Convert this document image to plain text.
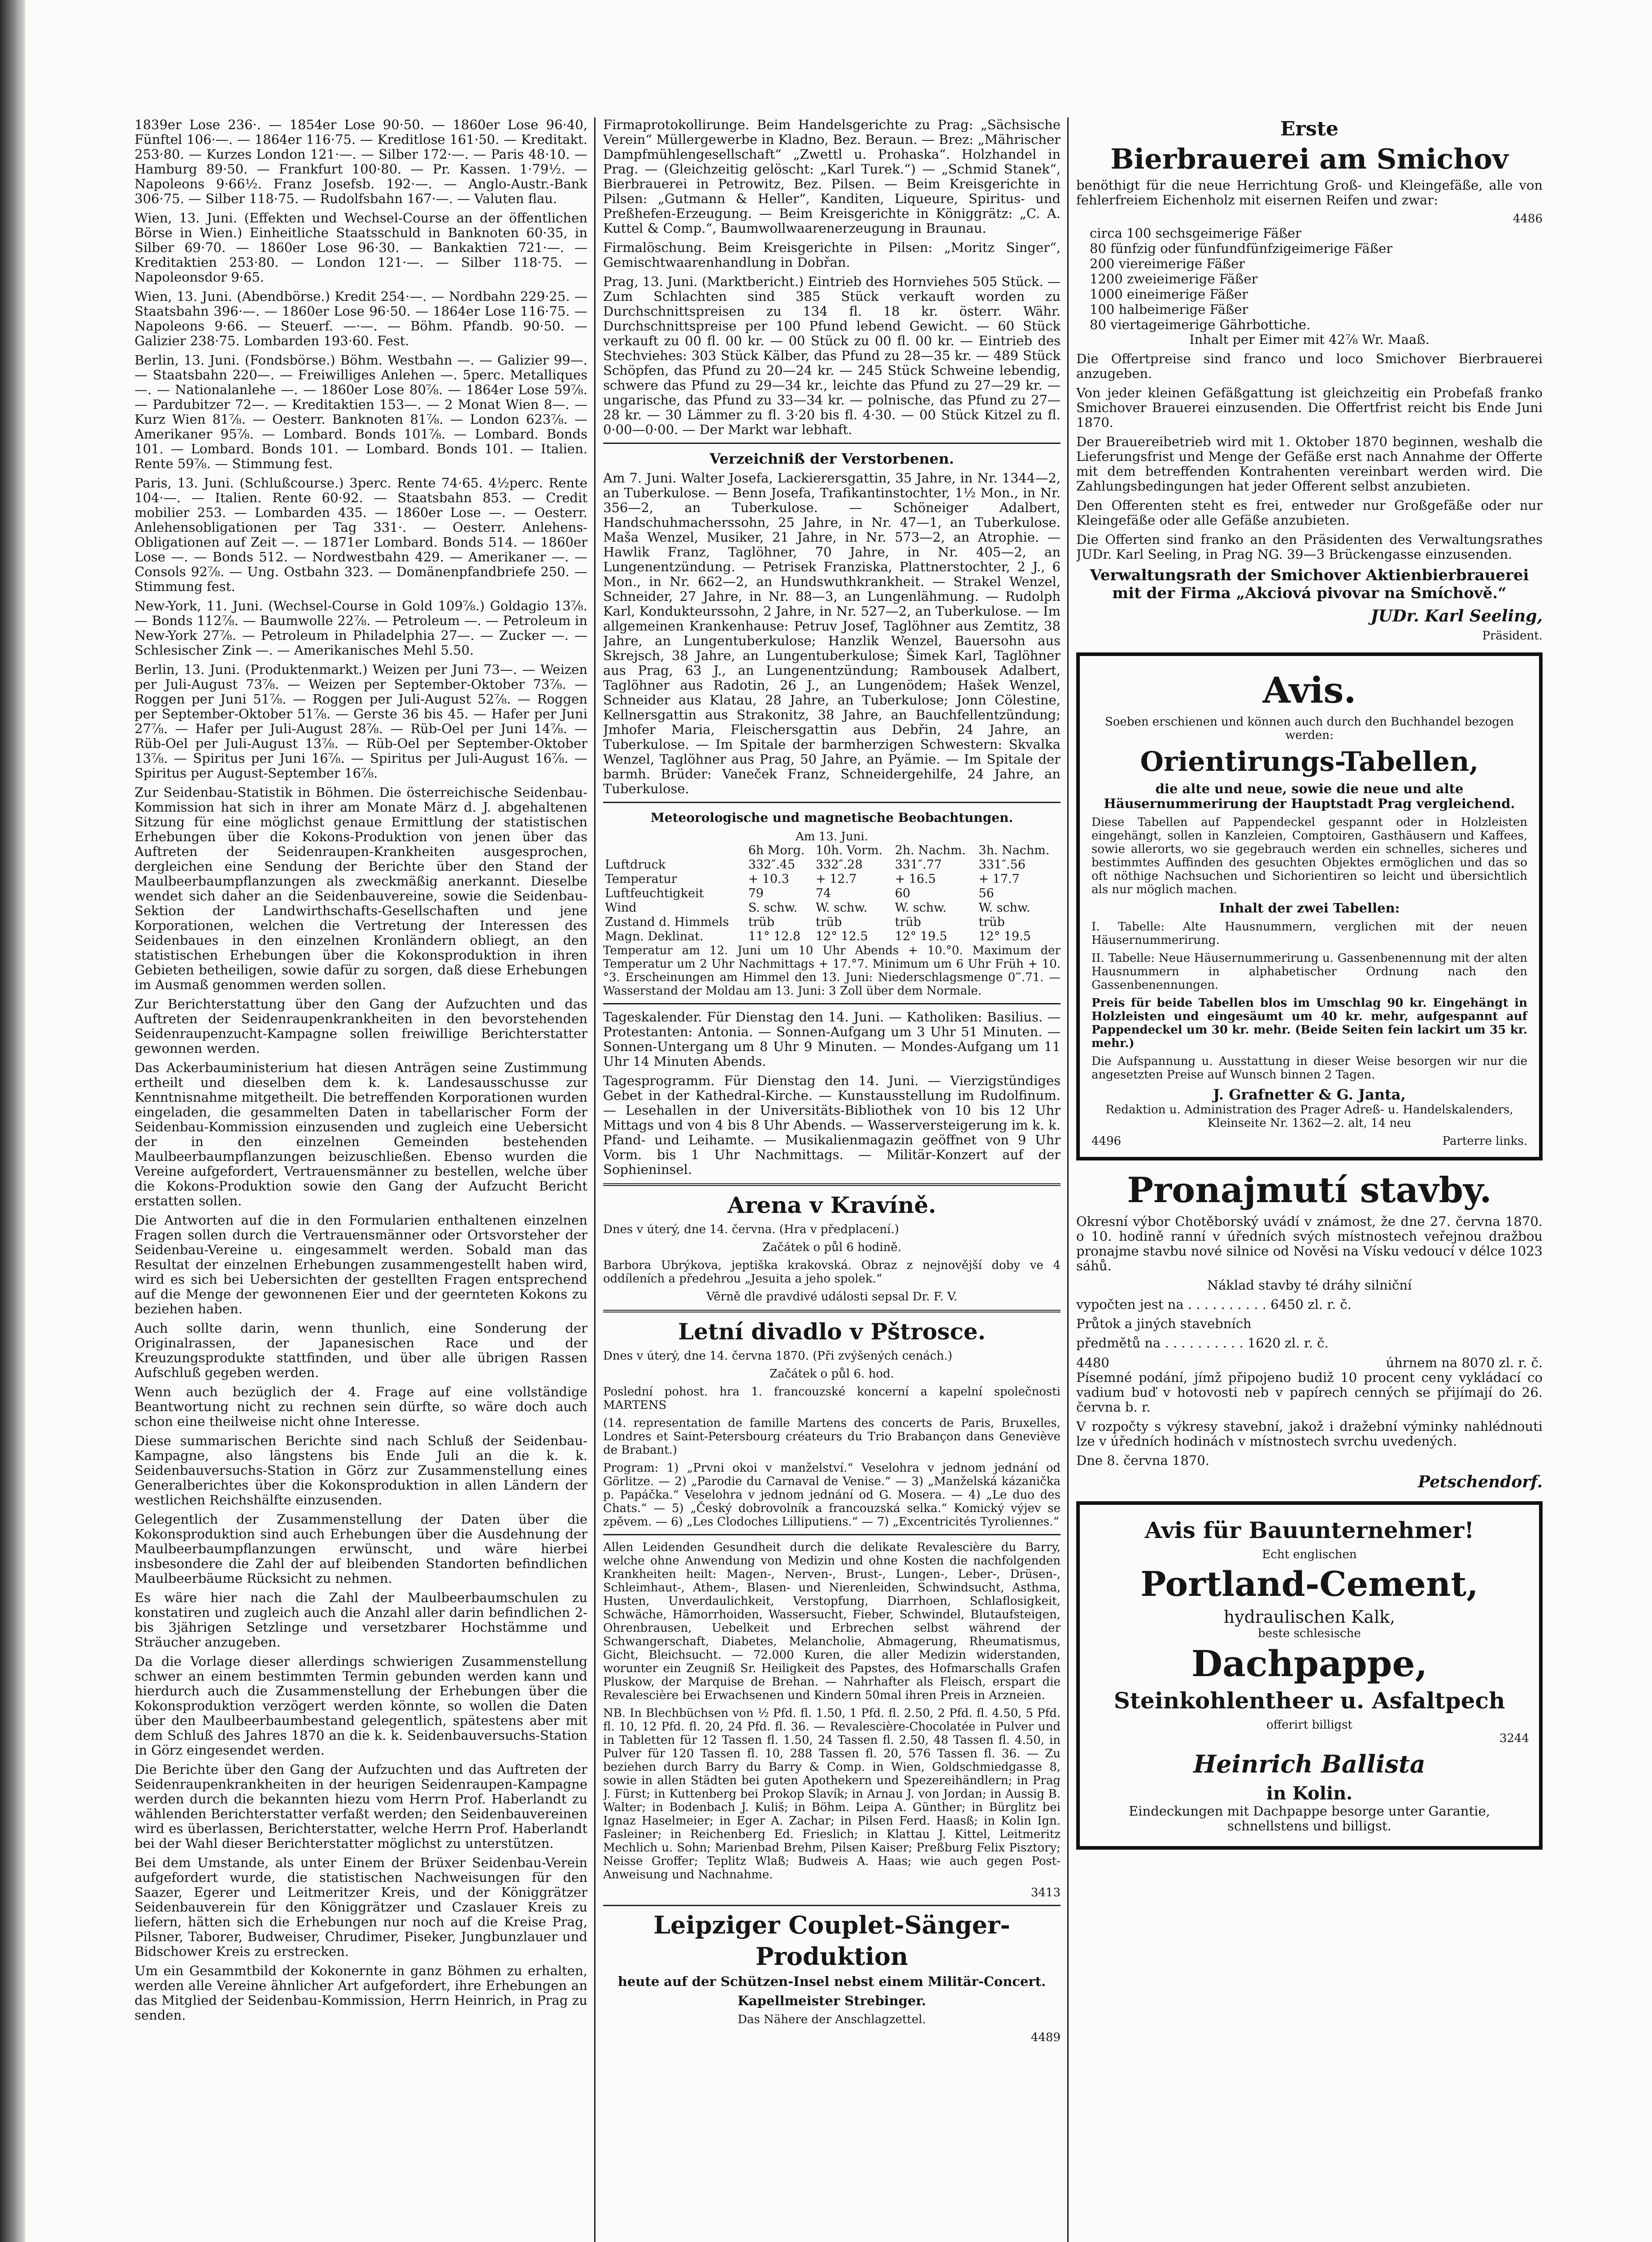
1839er Lose 236·. — 1854er Lose 90·50. — 1860er Lose 96·40, Fünftel 106·—. — 1864er 116·75. — Kreditlose 161·50. — Kreditakt. 253·80. — Kurzes London 121·—. — Silber 172·—. — Paris 48·10. — Hamburg 89·50. — Frankfurt 100·80. — Pr. Kassen. 1·79½. — Napoleons 9·66½. Franz Josefsb. 192·—. — Anglo-Austr.-Bank 306·75. — Silber 118·75. — Rudolfsbahn 167·—. — Valuten flau.

Wien, 13. Juni. (Effekten und Wechsel-Course an der öffentlichen Börse in Wien.) Einheitliche Staatsschuld in Banknoten 60·35, in Silber 69·70. — 1860er Lose 96·30. — Bankaktien 721·—. — Kreditaktien 253·80. — London 121·—. — Silber 118·75. — Napoleonsdor 9·65.

Wien, 13. Juni. (Abendbörse.) Kredit 254·—. — Nordbahn 229·25. — Staatsbahn 396·—. — 1860er Lose 96·50. — 1864er Lose 116·75. — Napoleons 9·66. — Steuerf. —·—. — Böhm. Pfandb. 90·50. — Galizier 238·75. Lombarden 193·60. Fest.

Berlin, 13. Juni. (Fondsbörse.) Böhm. Westbahn —. — Galizier 99—. — Staatsbahn 220—. — Freiwilliges Anlehen —. 5perc. Metalliques —. — Nationalanlehe —. — 1860er Lose 80⅞. — 1864er Lose 59⅞. — Pardubitzer 72—. — Kreditaktien 153—. — 2 Monat Wien 8—. — Kurz Wien 81⅞. — Oesterr. Banknoten 81⅞. — London 623⅞. — Amerikaner 95⅞. — Lombard. Bonds 101⅞. — Lombard. Bonds 101. — Lombard. Bonds 101. — Lombard. Bonds 101. — Italien. Rente 59⅞. — Stimmung fest.

Paris, 13. Juni. (Schlußcourse.) 3perc. Rente 74·65. 4½perc. Rente 104·—. — Italien. Rente 60·92. — Staatsbahn 853. — Credit mobilier 253. — Lombarden 435. — 1860er Lose —. — Oesterr. Anlehensobligationen per Tag 331·. — Oesterr. Anlehens-Obligationen auf Zeit —. — 1871er Lombard. Bonds 514. — 1860er Lose —. — Bonds 512. — Nordwestbahn 429. — Amerikaner —. — Consols 92⅞. — Ung. Ostbahn 323. — Domänenpfandbriefe 250. — Stimmung fest.

New-York, 11. Juni. (Wechsel-Course in Gold 109⅞.) Goldagio 13⅞. — Bonds 112⅞. — Baumwolle 22⅞. — Petroleum —. — Petroleum in New-York 27⅞. — Petroleum in Philadelphia 27—. — Zucker —. — Schlesischer Zink —. — Amerikanisches Mehl 5.50.

Berlin, 13. Juni. (Produktenmarkt.) Weizen per Juni 73—. — Weizen per Juli-August 73⅞. — Weizen per September-Oktober 73⅞. — Roggen per Juni 51⅞. — Roggen per Juli-August 52⅞. — Roggen per September-Oktober 51⅞. — Gerste 36 bis 45. — Hafer per Juni 27⅞. — Hafer per Juli-August 28⅞. — Rüb-Oel per Juni 14⅞. — Rüb-Oel per Juli-August 13⅞. — Rüb-Oel per September-Oktober 13⅞. — Spiritus per Juni 16⅞. — Spiritus per Juli-August 16⅞. — Spiritus per August-September 16⅞.

Zur Seidenbau-Statistik in Böhmen. Die österreichische Seidenbau-Kommission hat sich in ihrer am Monate März d. J. abgehaltenen Sitzung für eine möglichst genaue Ermittlung der statistischen Erhebungen über die Kokons-Produktion von jenen über das Auftreten der Seidenraupen-Krankheiten ausgesprochen, dergleichen eine Sendung der Berichte über den Stand der Maulbeerbaumpflanzungen als zweckmäßig anerkannt. Dieselbe wendet sich daher an die Seidenbauvereine, sowie die Seidenbau-Sektion der Landwirthschafts-Gesellschaften und jene Korporationen, welchen die Vertretung der Interessen des Seidenbaues in den einzelnen Kronländern obliegt, an den statistischen Erhebungen über die Kokonsproduktion in ihren Gebieten betheiligen, sowie dafür zu sorgen, daß diese Erhebungen im Ausmaß genommen werden sollen.

Zur Berichterstattung über den Gang der Aufzuchten und das Auftreten der Seidenraupenkrankheiten in den bevorstehenden Seidenraupenzucht-Kampagne sollen freiwillige Berichterstatter gewonnen werden.

Das Ackerbauministerium hat diesen Anträgen seine Zustimmung ertheilt und dieselben dem k. k. Landesausschusse zur Kenntnisnahme mitgetheilt. Die betreffenden Korporationen wurden eingeladen, die gesammelten Daten in tabellarischer Form der Seidenbau-Kommission einzusenden und zugleich eine Uebersicht der in den einzelnen Gemeinden bestehenden Maulbeerbaumpflanzungen beizuschließen. Ebenso wurden die Vereine aufgefordert, Vertrauensmänner zu bestellen, welche über die Kokons-Produktion sowie den Gang der Aufzucht Bericht erstatten sollen.

Die Antworten auf die in den Formularien enthaltenen einzelnen Fragen sollen durch die Vertrauensmänner oder Ortsvorsteher der Seidenbau-Vereine u. eingesammelt werden. Sobald man das Resultat der einzelnen Erhebungen zusammengestellt haben wird, wird es sich bei Uebersichten der gestellten Fragen entsprechend auf die Menge der gewonnenen Eier und der geernteten Kokons zu beziehen haben.

Auch sollte darin, wenn thunlich, eine Sonderung der Originalrassen, der Japanesischen Race und der Kreuzungsprodukte stattfinden, und über alle übrigen Rassen Aufschluß gegeben werden.

Wenn auch bezüglich der 4. Frage auf eine vollständige Beantwortung nicht zu rechnen sein dürfte, so wäre doch auch schon eine theilweise nicht ohne Interesse.

Diese summarischen Berichte sind nach Schluß der Seidenbau-Kampagne, also längstens bis Ende Juli an die k. k. Seidenbauversuchs-Station in Görz zur Zusammenstellung eines Generalberichtes über die Kokonsproduktion in allen Ländern der westlichen Reichshälfte einzusenden.

Gelegentlich der Zusammenstellung der Daten über die Kokonsproduktion sind auch Erhebungen über die Ausdehnung der Maulbeerbaumpflanzungen erwünscht, und wäre hierbei insbesondere die Zahl der auf bleibenden Standorten befindlichen Maulbeerbäume Rücksicht zu nehmen.

Es wäre hier nach die Zahl der Maulbeerbaumschulen zu konstatiren und zugleich auch die Anzahl aller darin befindlichen 2- bis 3jährigen Setzlinge und versetzbarer Hochstämme und Sträucher anzugeben.

Da die Vorlage dieser allerdings schwierigen Zusammenstellung schwer an einem bestimmten Termin gebunden werden kann und hierdurch auch die Zusammenstellung der Erhebungen über die Kokonsproduktion verzögert werden könnte, so wollen die Daten über den Maulbeerbaumbestand gelegentlich, spätestens aber mit dem Schluß des Jahres 1870 an die k. k. Seidenbauversuchs-Station in Görz eingesendet werden.

Die Berichte über den Gang der Aufzuchten und das Auftreten der Seidenraupenkrankheiten in der heurigen Seidenraupen-Kampagne werden durch die bekannten hiezu vom Herrn Prof. Haberlandt zu wählenden Berichterstatter verfaßt werden; den Seidenbauvereinen wird es überlassen, Berichterstatter, welche Herrn Prof. Haberlandt bei der Wahl dieser Berichterstatter möglichst zu unterstützen.

Bei dem Umstande, als unter Einem der Brüxer Seidenbau-Verein aufgefordert wurde, die statistischen Nachweisungen für den Saazer, Egerer und Leitmeritzer Kreis, und der Königgrätzer Seidenbauverein für den Königgrätzer und Czaslauer Kreis zu liefern, hätten sich die Erhebungen nur noch auf die Kreise Prag, Pilsner, Taborer, Budweiser, Chrudimer, Piseker, Jungbunzlauer und Bidschower Kreis zu erstrecken.

Um ein Gesammtbild der Kokonernte in ganz Böhmen zu erhalten, werden alle Vereine ähnlicher Art aufgefordert, ihre Erhebungen an das Mitglied der Seidenbau-Kommission, Herrn Heinrich, in Prag zu senden.

Firmaprotokollirunge. Beim Handelsgerichte zu Prag: „Sächsische Verein“ Müllergewerbe in Kladno, Bez. Beraun. — Brez: „Mährischer Dampfmühlengesellschaft“ „Zwettl u. Prohaska“. Holzhandel in Prag. — (Gleichzeitig gelöscht: „Karl Turek.“) — „Schmid Stanek“, Bierbrauerei in Petrowitz, Bez. Pilsen. — Beim Kreisgerichte in Pilsen: „Gutmann & Heller“, Kanditen, Liqueure, Spiritus- und Preßhefen-Erzeugung. — Beim Kreisgerichte in Königgrätz: „C. A. Kuttel & Comp.“, Baumwollwaarenerzeugung in Braunau.

Firmalöschung. Beim Kreisgerichte in Pilsen: „Moritz Singer“, Gemischtwaarenhandlung in Dobřan.

Prag, 13. Juni. (Marktbericht.) Eintrieb des Hornviehes 505 Stück. — Zum Schlachten sind 385 Stück verkauft worden zu Durchschnittspreisen zu 134 fl. 18 kr. österr. Währ. Durchschnittspreise per 100 Pfund lebend Gewicht. — 60 Stück verkauft zu 00 fl. 00 kr. — 00 Stück zu 00 fl. 00 kr. — Eintrieb des Stechviehes: 303 Stück Kälber, das Pfund zu 28—35 kr. — 489 Stück Schöpfen, das Pfund zu 20—24 kr. — 245 Stück Schweine lebendig, schwere das Pfund zu 29—34 kr., leichte das Pfund zu 27—29 kr. — ungarische, das Pfund zu 33—34 kr. — polnische, das Pfund zu 27—28 kr. — 30 Lämmer zu fl. 3·20 bis fl. 4·30. — 00 Stück Kitzel zu fl. 0·00—0·00. — Der Markt war lebhaft.

Verzeichniß der Verstorbenen.

Am 7. Juni. Walter Josefa, Lackierersgattin, 35 Jahre, in Nr. 1344—2, an Tuberkulose. — Benn Josefa, Trafikantinstochter, 1½ Mon., in Nr. 356—2, an Tuberkulose. — Schöneiger Adalbert, Handschuhmacherssohn, 25 Jahre, in Nr. 47—1, an Tuberkulose. Maša Wenzel, Musiker, 21 Jahre, in Nr. 573—2, an Atrophie. — Hawlik Franz, Taglöhner, 70 Jahre, in Nr. 405—2, an Lungenentzündung. — Petrisek Franziska, Plattnerstochter, 2 J., 6 Mon., in Nr. 662—2, an Hundswuthkrankheit. — Strakel Wenzel, Schneider, 27 Jahre, in Nr. 88—3, an Lungenlähmung. — Rudolph Karl, Kondukteurssohn, 2 Jahre, in Nr. 527—2, an Tuberkulose. — Im allgemeinen Krankenhause: Petruv Josef, Taglöhner aus Zemtitz, 38 Jahre, an Lungentuberkulose; Hanzlik Wenzel, Bauersohn aus Skrejsch, 38 Jahre, an Lungentuberkulose; Šimek Karl, Taglöhner aus Prag, 63 J., an Lungenentzündung; Rambousek Adalbert, Taglöhner aus Radotin, 26 J., an Lungenödem; Hašek Wenzel, Schneider aus Klatau, 28 Jahre, an Tuberkulose; Jonn Cölestine, Kellnersgattin aus Strakonitz, 38 Jahre, an Bauchfellentzündung; Jmhofer Maria, Fleischersgattin aus Debřin, 24 Jahre, an Tuberkulose. — Im Spitale der barmherzigen Schwestern: Skvalka Wenzel, Taglöhner aus Prag, 50 Jahre, an Pyämie. — Im Spitale der barmh. Brüder: Vaneček Franz, Schneidergehilfe, 24 Jahre, an Tuberkulose.

Meteorologische und magnetische Beobachtungen.
Am 13. Juni.
	6h Morg.	10h. Vorm.	2h. Nachm.	3h. Nachm.
Luftdruck	332″.45	332″.28	331″.77	331″.56
Temperatur	+ 10.3	+ 12.7	+ 16.5	+ 17.7
Luftfeuchtigkeit	79	74	60	56
Wind	S. schw.	W. schw.	W. schw.	W. schw.
Zustand d. Himmels	trüb	trüb	trüb	trüb
Magn. Deklinat.	11° 12.8	12° 12.5	12° 19.5	12° 19.5

Temperatur am 12. Juni um 10 Uhr Abends + 10.°0. Maximum der Temperatur um 2 Uhr Nachmittags + 17.°7. Minimum um 6 Uhr Früh + 10.°3. Erscheinungen am Himmel den 13. Juni: Niederschlagsmenge 0‴.71. — Wasserstand der Moldau am 13. Juni: 3 Zoll über dem Normale.

Tageskalender. Für Dienstag den 14. Juni. — Katholiken: Basilius. — Protestanten: Antonia. — Sonnen-Aufgang um 3 Uhr 51 Minuten. — Sonnen-Untergang um 8 Uhr 9 Minuten. — Mondes-Aufgang um 11 Uhr 14 Minuten Abends.

Tagesprogramm. Für Dienstag den 14. Juni. — Vierzigstündiges Gebet in der Kathedral-Kirche. — Kunstausstellung im Rudolfinum. — Lesehallen in der Universitäts-Bibliothek von 10 bis 12 Uhr Mittags und von 4 bis 8 Uhr Abends. — Wasserversteigerung im k. k. Pfand- und Leihamte. — Musikalienmagazin geöffnet von 9 Uhr Vorm. bis 1 Uhr Nachmittags. — Militär-Konzert auf der Sophieninsel.

Arena v Kravíně.

Dnes v úterý, dne 14. června. (Hra v předplacení.)

Začátek o půl 6 hodině.

Barbora Ubrýkova, jeptiška krakovská. Obraz z nejnovější doby ve 4 oddíleních a předehrou „Jesuita a jeho spolek.“

Věrně dle pravdivé události sepsal Dr. F. V.

Letní divadlo v Pštrosce.

Dnes v úterý, dne 14. června 1870. (Při zvýšených cenách.)

Začátek o půl 6. hod.

Poslední pohost. hra 1. francouzské koncerní a kapelní společnosti MARTENS

(14. representation de famille Martens des concerts de Paris, Bruxelles, Londres et Saint-Petersbourg créateurs du Trio Brabançon dans Geneviève de Brabant.)

Program: 1) „Prvni okoi v manželství.“ Veselohra v jednom jednání od Görlitze. — 2) „Parodie du Carnaval de Venise.“ — 3) „Manželská kázanička p. Papáčka.“ Veselohra v jednom jednání od G. Mosera. — 4) „Le duo des Chats.“ — 5) „Český dobrovolník a francouzská selka.“ Komický výjev se zpěvem. — 6) „Les Clodoches Lilliputiens.“ — 7) „Excentricités Tyroliennes.“

Allen Leidenden Gesundheit durch die delikate Revalescière du Barry, welche ohne Anwendung von Medizin und ohne Kosten die nachfolgenden Krankheiten heilt: Magen-, Nerven-, Brust-, Lungen-, Leber-, Drüsen-, Schleimhaut-, Athem-, Blasen- und Nierenleiden, Schwindsucht, Asthma, Husten, Unverdaulichkeit, Verstopfung, Diarrhoen, Schlaflosigkeit, Schwäche, Hämorrhoiden, Wassersucht, Fieber, Schwindel, Blutaufsteigen, Ohrenbrausen, Uebelkeit und Erbrechen selbst während der Schwangerschaft, Diabetes, Melancholie, Abmagerung, Rheumatismus, Gicht, Bleichsucht. — 72.000 Kuren, die aller Medizin widerstanden, worunter ein Zeugniß Sr. Heiligkeit des Papstes, des Hofmarschalls Grafen Pluskow, der Marquise de Brehan. — Nahrhafter als Fleisch, erspart die Revalescière bei Erwachsenen und Kindern 50mal ihren Preis in Arzneien.

NB. In Blechbüchsen von ½ Pfd. fl. 1.50, 1 Pfd. fl. 2.50, 2 Pfd. fl. 4.50, 5 Pfd. fl. 10, 12 Pfd. fl. 20, 24 Pfd. fl. 36. — Revalescière-Chocolatée in Pulver und in Tabletten für 12 Tassen fl. 1.50, 24 Tassen fl. 2.50, 48 Tassen fl. 4.50, in Pulver für 120 Tassen fl. 10, 288 Tassen fl. 20, 576 Tassen fl. 36. — Zu beziehen durch Barry du Barry & Comp. in Wien, Goldschmiedgasse 8, sowie in allen Städten bei guten Apothekern und Spezereihändlern; in Prag J. Fürst; in Kuttenberg bei Prokop Slavík; in Arnau J. von Jordan; in Aussig B. Walter; in Bodenbach J. Kuliš; in Böhm. Leipa A. Günther; in Bürglitz bei Ignaz Haselmeier; in Eger A. Zachar; in Pilsen Ferd. Haasß; in Kolin Ign. Fasleiner; in Reichenberg Ed. Frieslich; in Klattau J. Kittel, Leitmeritz Mechlich u. Sohn; Marienbad Brehm, Pilsen Kaiser; Preßburg Felix Pisztory; Neisse Groffer; Teplitz Wlaß; Budweis A. Haas; wie auch gegen Post-Anweisung und Nachnahme.

3413
Leipziger Couplet-Sänger-
Produktion

heute auf der Schützen-Insel nebst einem Militär-Concert.

Kapellmeister Strebinger.

Das Nähere der Anschlagzettel.

4489
Erste
Bierbrauerei am Smichov

benöthigt für die neue Herrichtung Groß- und Kleingefäße, alle von fehlerfreiem Eichenholz mit eisernen Reifen und zwar:

4486
circa 100 sechsgeimerige Fäßer
80 fünfzig oder fünfundfünfzigeimerige Fäßer
200 viereimerige Fäßer
1200 zweieimerige Fäßer
1000 eineimerige Fäßer
100 halbeimerige Fäßer
80 viertageimerige Gährbottiche.

Inhalt per Eimer mit 42⅞ Wr. Maaß.

Die Offertpreise sind franco und loco Smichover Bierbrauerei anzugeben.

Von jeder kleinen Gefäßgattung ist gleichzeitig ein Probefaß franko Smichover Brauerei einzusenden. Die Offertfrist reicht bis Ende Juni 1870.

Der Brauereibetrieb wird mit 1. Oktober 1870 beginnen, weshalb die Lieferungsfrist und Menge der Gefäße erst nach Annahme der Offerte mit dem betreffenden Kontrahenten vereinbart werden wird. Die Zahlungsbedingungen hat jeder Offerent selbst anzubieten.

Den Offerenten steht es frei, entweder nur Großgefäße oder nur Kleingefäße oder alle Gefäße anzubieten.

Die Offerten sind franko an den Präsidenten des Verwaltungsrathes JUDr. Karl Seeling, in Prag NG. 39—3 Brückengasse einzusenden.

Verwaltungsrath der Smichover Aktienbierbrauerei mit der Firma „Akciová pivovar na Smíchově.“

JUDr. Karl Seeling,
Präsident.
Avis.

Soeben erschienen und können auch durch den Buchhandel bezogen werden:

Orientirungs-Tabellen,

die alte und neue, sowie die neue und alte Häusernummerirung der Hauptstadt Prag vergleichend.

Diese Tabellen auf Pappendeckel gespannt oder in Holzleisten eingehängt, sollen in Kanzleien, Comptoiren, Gasthäusern und Kaffees, sowie allerorts, wo sie gegebrauch werden ein schnelles, sicheres und bestimmtes Auffinden des gesuchten Objektes ermöglichen und das so oft nöthige Nachsuchen und Sichorientiren so leicht und übersichtlich als nur möglich machen.

Inhalt der zwei Tabellen:

I. Tabelle: Alte Hausnummern, verglichen mit der neuen Häusernummerirung.

II. Tabelle: Neue Häusernummerirung u. Gassenbenennung mit der alten Hausnummern in alphabetischer Ordnung nach den Gassenbenennungen.

Preis für beide Tabellen blos im Umschlag 90 kr. Eingehängt in Holzleisten und eingesäumt um 40 kr. mehr, aufgespannt auf Pappendeckel um 30 kr. mehr. (Beide Seiten fein lackirt um 35 kr. mehr.)

Die Aufspannung u. Ausstattung in dieser Weise besorgen wir nur die angesetzten Preise auf Wunsch binnen 2 Tagen.

J. Grafnetter & G. Janta,

Redaktion u. Administration des Prager Adreß- u. Handelskalenders, Kleinseite Nr. 1362—2. alt, 14 neu

4496	Parterre links.
Pronajmutí stavby.

Okresní výbor Chotěborský uvádí v známost, že dne 27. června 1870. o 10. hodině ranní v úředních svých místnostech veřejnou dražbou pronajme stavbu nové silnice od Nověsi na Vísku vedoucí v délce 1023 sáhů.

Náklad stavby té dráhy silniční

vypočten jest na . . . . . . . . . . 6450 zl. r. č.

Průtok a jiných stavebních

předmětů na . . . . . . . . . . 1620 zl. r. č.

4480	úhrnem na 8070 zl. r. č.

Písemné podání, jímž připojeno budiž 10 procent ceny vykládací co vadium buď v hotovosti neb v papírech cenných se přijímají do 26. června b. r.

V rozpočty s výkresy stavební, jakož i dražební výminky nahlédnouti lze v úředních hodinách v místnostech svrchu uvedených.

Dne 8. června 1870.

Petschendorf.
Avis für Bauunternehmer!
Echt englischen
Portland-Cement,
hydraulischen Kalk,
beste schlesische
Dachpappe,
Steinkohlentheer u. Asfaltpech
offerirt billigst
3244
Heinrich Ballista
in Kolin.

Eindeckungen mit Dachpappe besorge unter Garantie, schnellstens und billigst.
